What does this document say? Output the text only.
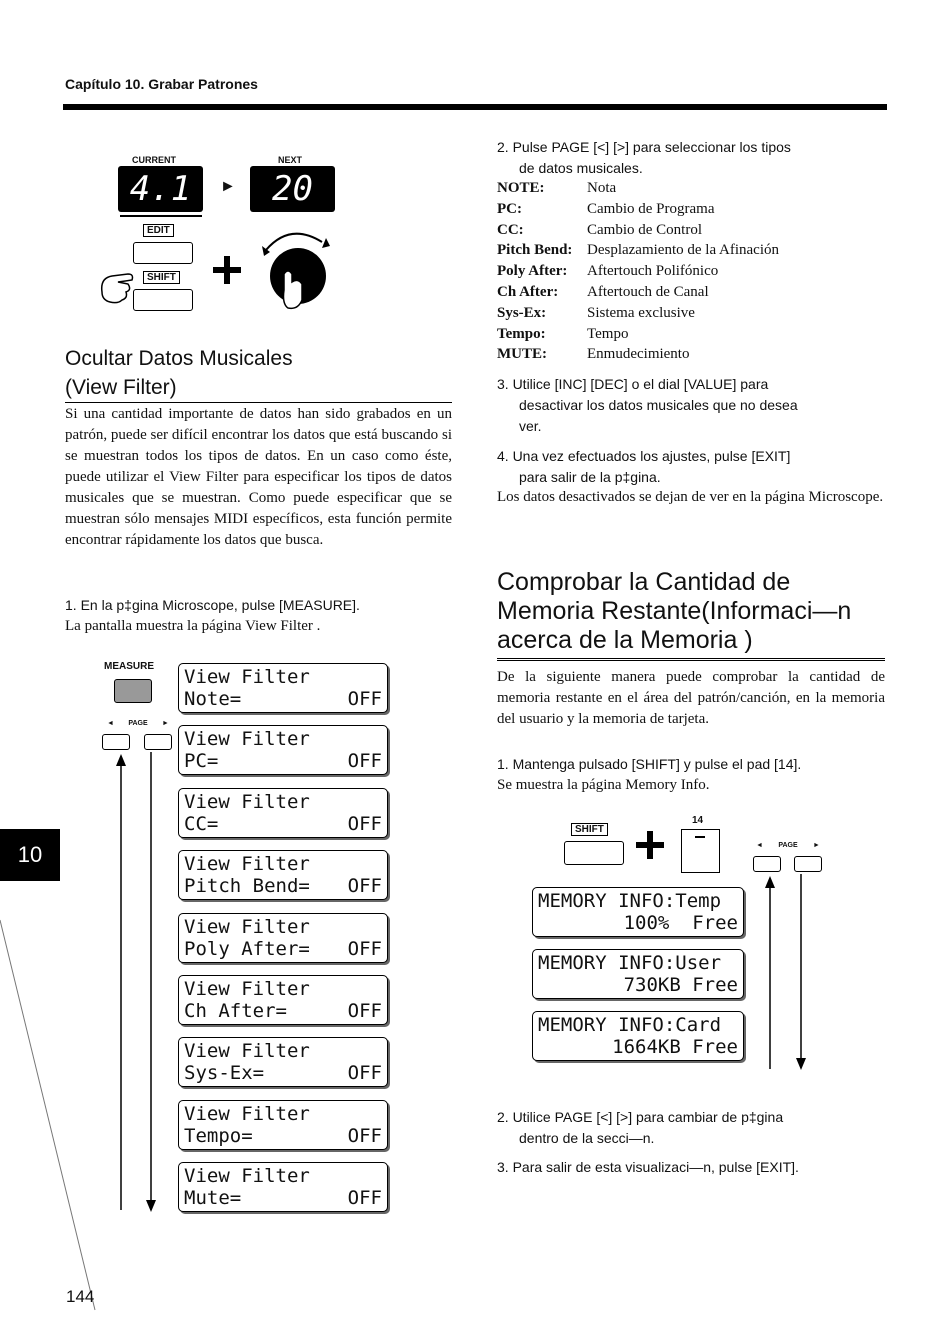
Capítulo 10. Grabar Patrones
10
144
CURRENT	NEXT
4.1	►	20
EDIT
SHIFT
Ocultar Datos Musicales
(View Filter)
Si una cantidad importante de datos han sido grabados en un patrón, puede ser difícil encontrar los datos que está buscando si se muestran todos los tipos de datos. En un caso como éste, puede utilizar el View Filter para especificar los tipos de datos musicales que se muestran. Como puede especificar que se muestran sólo mensajes MIDI específicos, esta función permite encontrar rápidamente los datos que busca.
1. En la p‡gina Microscope, pulse [MEASURE].
La pantalla muestra la página View Filter .
MEASURE
◄ PAGE ►
View Filter
Note=	OFF
View Filter
PC=	OFF
View Filter
CC=	OFF
View Filter
Pitch Bend= OFF
View Filter
Poly After= OFF
View Filter
Ch After=	OFF
View Filter
Sys-Ex=	OFF
View Filter
Tempo=	OFF
View Filter
Mute=	OFF
2. Pulse PAGE [<] [>] para seleccionar los tipos
de datos musicales.
NOTE:	Nota
PC:	Cambio de Programa
CC:	Cambio de Control
Pitch Bend: Desplazamiento de la Afinación
Poly After:	Aftertouch Polifónico
Ch After:	Aftertouch de Canal
Sys-Ex:	Sistema exclusive
Tempo:	Tempo
MUTE:	Enmudecimiento
3. Utilice [INC] [DEC] o el dial [VALUE] para
desactivar los datos musicales que no desea
ver.
4. Una vez efectuados los ajustes, pulse [EXIT]
para salir de la p‡gina.
Los datos desactivados se dejan de ver en la página Microscope.
Comprobar la Cantidad de
Memoria Restante(Informaci—n
acerca de la Memoria )
De la siguiente manera puede comprobar la cantidad de memoria restante en el área del patrón/canción, en la memoria del usuario y la memoria de tarjeta.
1. Mantenga pulsado [SHIFT] y pulse el pad [14].
Se muestra la página Memory Info.
SHIFT
14
◄ PAGE ►
MEMORY INFO:Temp
100%  Free
MEMORY INFO:User
730KB Free
MEMORY INFO:Card
1664KB Free
2. Utilice PAGE [<] [>] para cambiar de p‡gina
dentro de la secci—n.
3. Para salir de esta visualizaci—n, pulse [EXIT].
